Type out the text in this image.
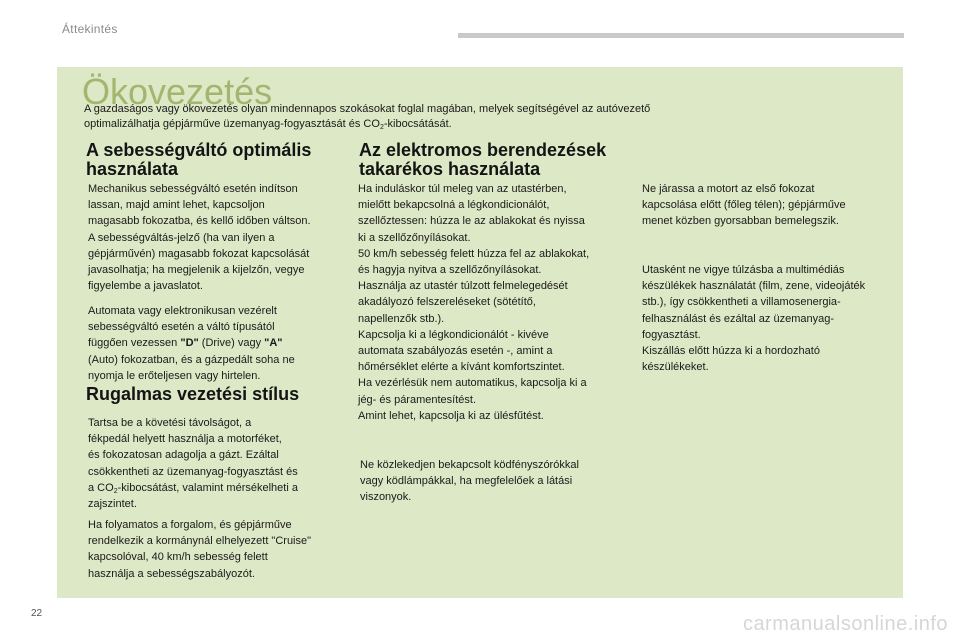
Áttekintés
Ökovezetés
A gazdaságos vagy ökovezetés olyan mindennapos szokásokat foglal magában, melyek segítségével az autóvezető
optimalizálhatja gépjárműve üzemanyag-fogyasztását és $CO_2$-kibocsátását.
A sebességváltó optimális
használata
Mechanikus sebességváltó esetén indítson
lassan, majd amint lehet, kapcsoljon
magasabb fokozatba, és kellő időben váltson.
A sebességváltás-jelző (ha van ilyen a
gépjárművén) magasabb fokozat kapcsolását
javasolhatja; ha megjelenik a kijelzőn, vegye
figyelembe a javaslatot.
Automata vagy elektronikusan vezérelt
sebességváltó esetén a váltó típusától
függően vezessen "D" (Drive) vagy "A"
(Auto) fokozatban, és a gázpedált soha ne
nyomja le erőteljesen vagy hirtelen.
Rugalmas vezetési stílus
Tartsa be a követési távolságot, a
fékpedál helyett használja a motorféket,
és fokozatosan adagolja a gázt. Ezáltal
csökkentheti az üzemanyag-fogyasztást és
a $CO_2$-kibocsátást, valamint mérsékelheti a
zajszintet.
Ha folyamatos a forgalom, és gépjárműve
rendelkezik a kormánynál elhelyezett "Cruise"
kapcsolóval, 40 km/h sebesség felett
használja a sebességszabályozót.
Az elektromos berendezések
takarékos használata
Ha induláskor túl meleg van az utastérben,
mielőtt bekapcsolná a légkondicionálót,
szellőztessen: húzza le az ablakokat és nyissa
ki a szellőzőnyílásokat.
50 km/h sebesség felett húzza fel az ablakokat,
és hagyja nyitva a szellőzőnyílásokat.
Használja az utastér túlzott felmelegedését
akadályozó felszereléseket (sötétítő,
napellenzők stb.).
Kapcsolja ki a légkondicionálót - kivéve
automata szabályozás esetén -, amint a
hőmérséklet elérte a kívánt komfortszintet.
Ha vezérlésük nem automatikus, kapcsolja ki a
jég- és páramentesítést.
Amint lehet, kapcsolja ki az ülésfűtést.
Ne közlekedjen bekapcsolt ködfényszórókkal
vagy ködlámpákkal, ha megfelelőek a látási
viszonyok.
Ne járassa a motort az első fokozat
kapcsolása előtt (főleg télen); gépjárműve
menet közben gyorsabban bemelegszik.
Utasként ne vigye túlzásba a multimédiás
készülékek használatát (film, zene, videojáték
stb.), így csökkentheti a villamosenergia-
felhasználást és ezáltal az üzemanyag-
fogyasztást.
Kiszállás előtt húzza ki a hordozható
készülékeket.
22	carmanualsonline.info
